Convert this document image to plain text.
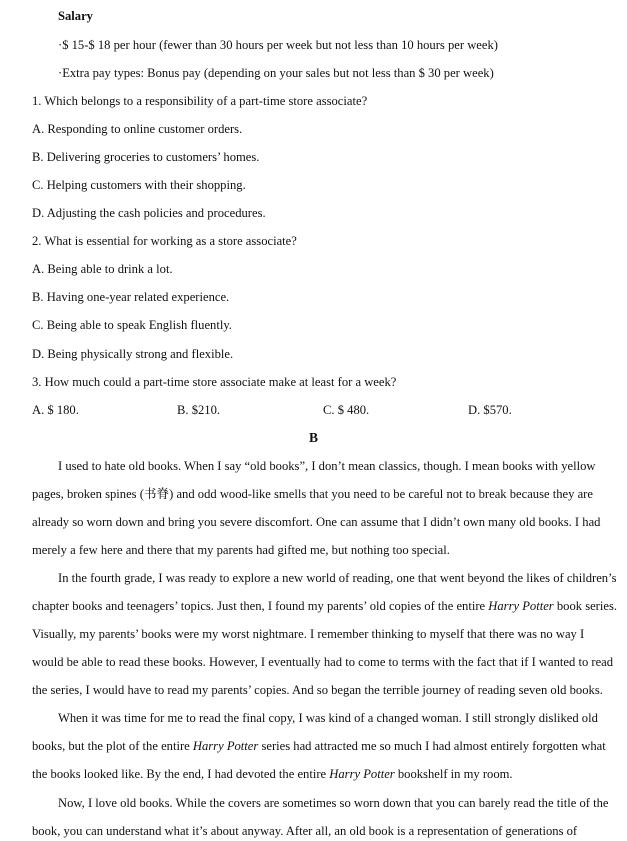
Salary
·$ 15-$ 18 per hour (fewer than 30 hours per week but not less than 10 hours per week)
·Extra pay types: Bonus pay (depending on your sales but not less than $ 30 per week)
1. Which belongs to a responsibility of a part-time store associate?
A. Responding to online customer orders.
B. Delivering groceries to customers’ homes.
C. Helping customers with their shopping.
D. Adjusting the cash policies and procedures.
2. What is essential for working as a store associate?
A. Being able to drink a lot.
B. Having one-year related experience.
C. Being able to speak English fluently.
D. Being physically strong and flexible.
3. How much could a part-time store associate make at least for a week?
A. $ 180.	B. $210.	C. $ 480.	D. $570.
B
I used to hate old books. When I say “old books”, I don’t mean classics, though. I mean books with yellow
pages, broken spines (书脊) and odd wood-like smells that you need to be careful not to break because they are
already so worn down and bring you severe discomfort. One can assume that I didn’t own many old books. I had
merely a few here and there that my parents had gifted me, but nothing too special.
In the fourth grade, I was ready to explore a new world of reading, one that went beyond the likes of children’s
chapter books and teenagers’ topics. Just then, I found my parents’ old copies of the entire Harry Potter book series.
Visually, my parents’ books were my worst nightmare. I remember thinking to myself that there was no way I
would be able to read these books. However, I eventually had to come to terms with the fact that if I wanted to read
the series, I would have to read my parents’ copies. And so began the terrible journey of reading seven old books.
When it was time for me to read the final copy, I was kind of a changed woman. I still strongly disliked old
books, but the plot of the entire Harry Potter series had attracted me so much I had almost entirely forgotten what
the books looked like. By the end, I had devoted the entire Harry Potter bookshelf in my room.
Now, I love old books. While the covers are sometimes so worn down that you can barely read the title of the
book, you can understand what it’s about anyway. After all, an old book is a representation of generations of
